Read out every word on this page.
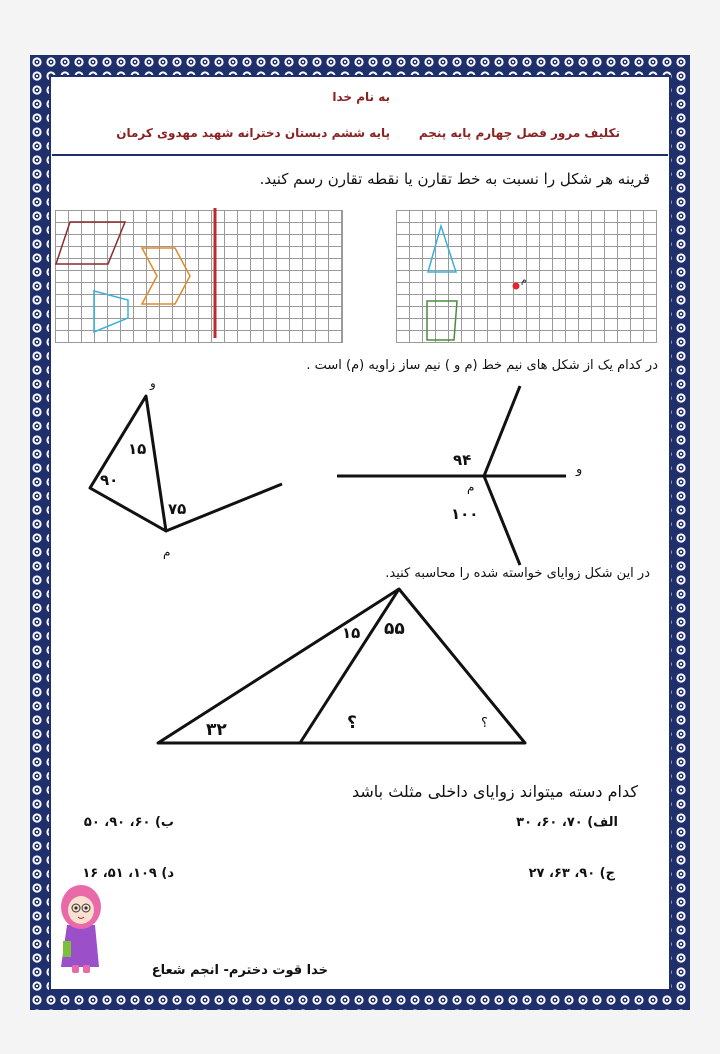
به نام خدا
تکلیف مرور فصل چهارم پایه پنجم
پایه ششم دبستان دخترانه شهید مهدوی کرمان
قرینه هر شکل را نسبت به خط تقارن یا نقطه تقارن رسم کنید.
م
در کدام یک از شکل های نیم خط (م و ) نیم ساز زاویه (م) است .
و
م
۱۵
۹۰
۷۵
و
م
۹۴
۱۰۰
در این شکل زوایای خواسته شده را محاسبه کنید.
۳۲
۱۵ ۵۵
؟	؟
کدام دسته میتواند زوایای داخلی مثلث باشد
الف) ۷۰، ۶۰، ۳۰
ب) ۶۰، ۹۰، ۵۰
ج) ۹۰، ۶۳، ۲۷
د) ۱۰۹، ۵۱، ۱۶
خدا قوت دخترم- انجم شعاع
